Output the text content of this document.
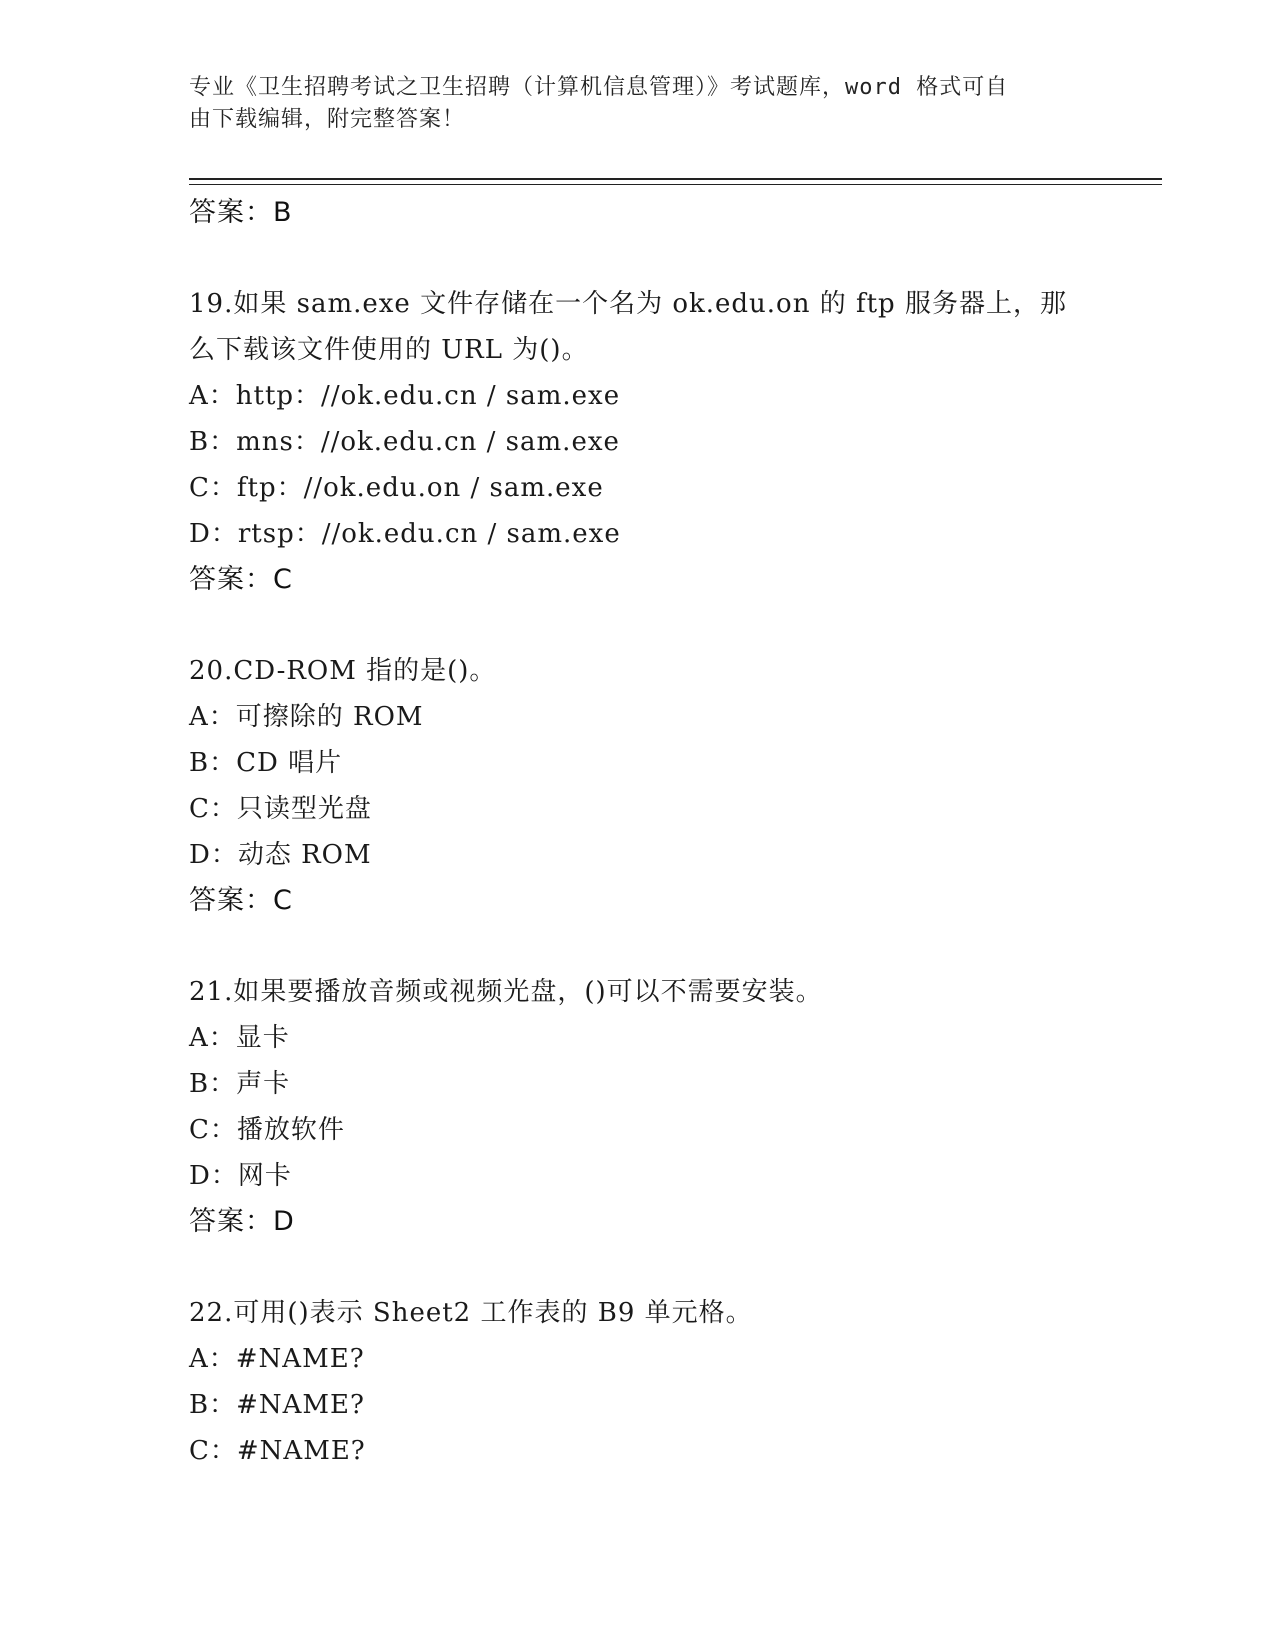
专业《卫生招聘考试之卫生招聘（计算机信息管理）》考试题库，word 格式可自
由下载编辑，附完整答案！
答案：B
19.如果 sam.exe 文件存储在一个名为 ok.edu.on 的 ftp 服务器上，那
么下载该文件使用的 URL 为()。
A：http：//ok.edu.cn / sam.exe
B：mns：//ok.edu.cn / sam.exe
C：ftp：//ok.edu.on / sam.exe
D：rtsp：//ok.edu.cn / sam.exe
答案：C
20.CD-ROM 指的是()。
A：可擦除的 ROM
B：CD 唱片
C：只读型光盘
D：动态 ROM
答案：C
21.如果要播放音频或视频光盘，()可以不需要安装。
A：显卡
B：声卡
C：播放软件
D：网卡
答案：D
22.可用()表示 Sheet2 工作表的 B9 单元格。
A：#NAME?
B：#NAME?
C：#NAME?
